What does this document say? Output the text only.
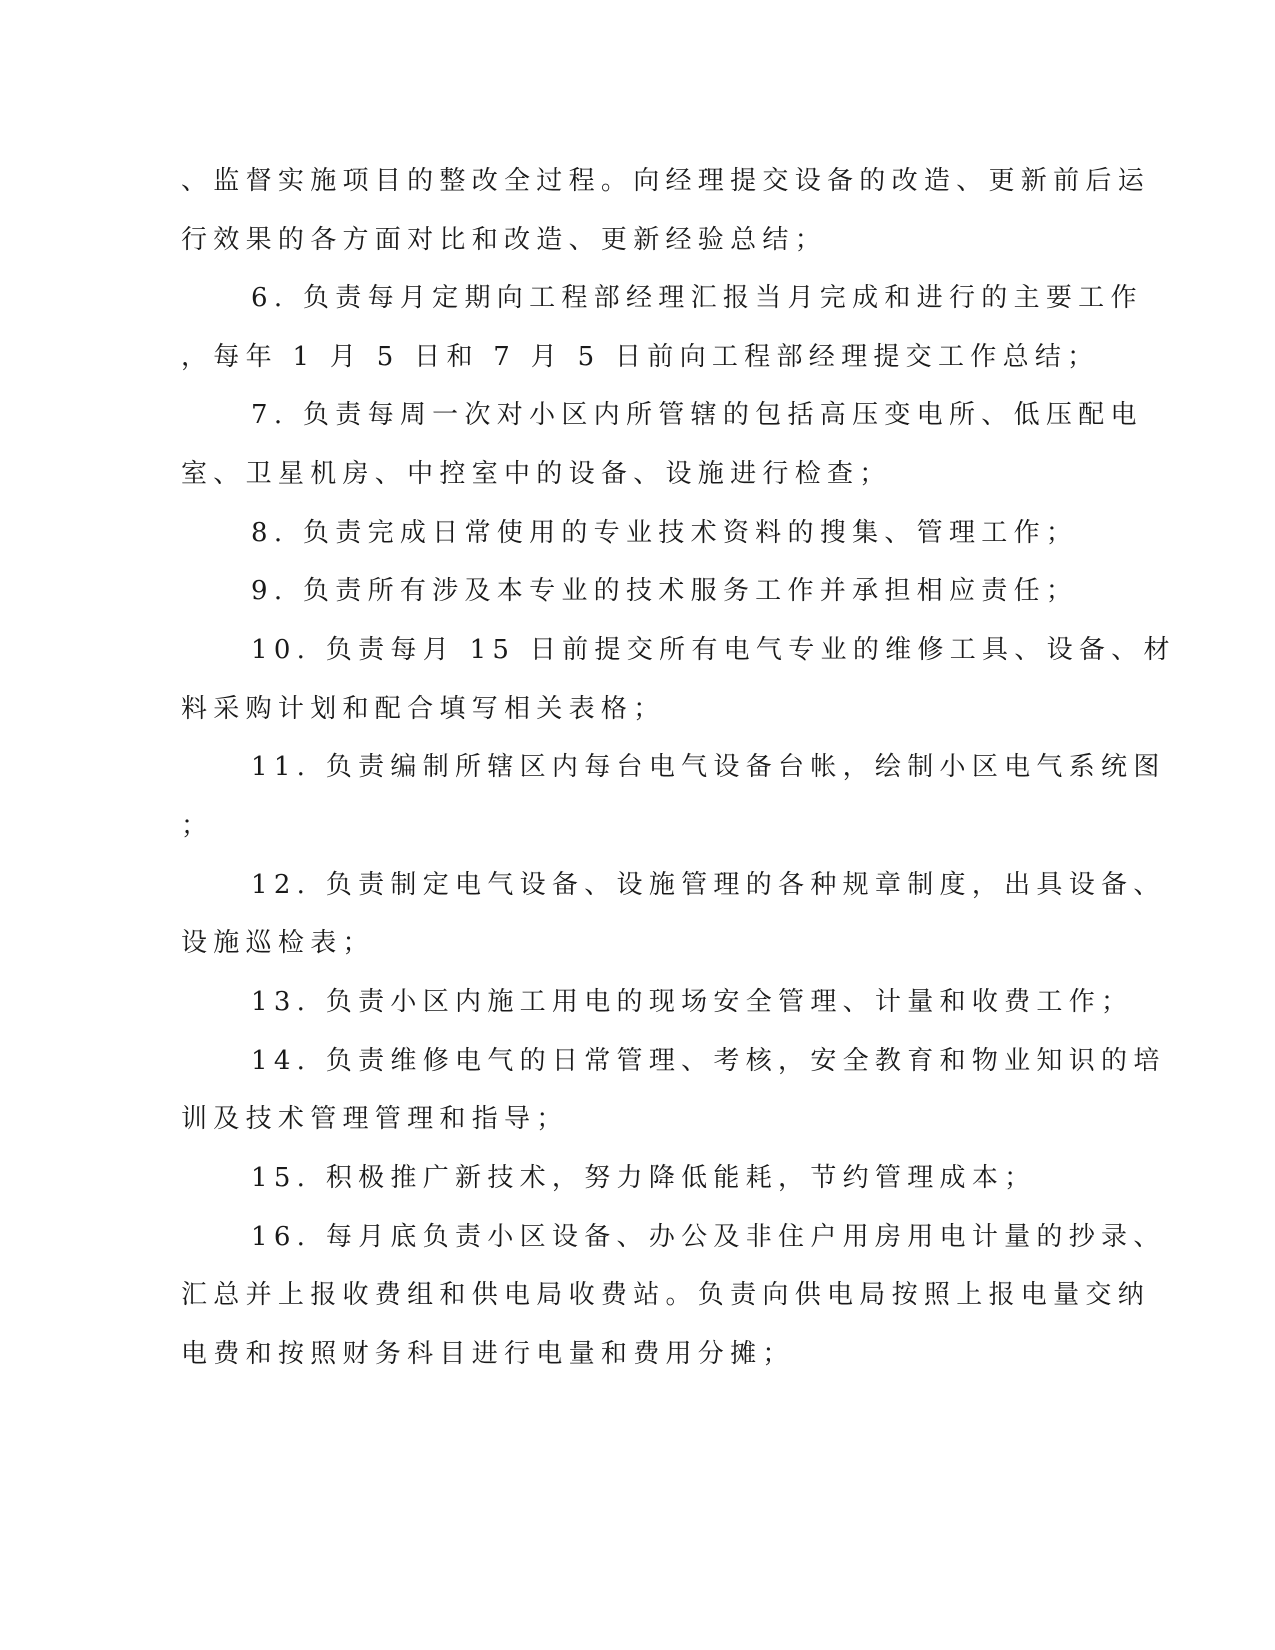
、监督实施项目的整改全过程。向经理提交设备的改造、更新前后运
行效果的各方面对比和改造、更新经验总结；
6. 负责每月定期向工程部经理汇报当月完成和进行的主要工作
，每年 1 月 5 日和 7 月 5 日前向工程部经理提交工作总结；
7. 负责每周一次对小区内所管辖的包括高压变电所、低压配电
室、卫星机房、中控室中的设备、设施进行检查；
8. 负责完成日常使用的专业技术资料的搜集、管理工作；
9. 负责所有涉及本专业的技术服务工作并承担相应责任；
10. 负责每月 15 日前提交所有电气专业的维修工具、设备、材
料采购计划和配合填写相关表格；
11. 负责编制所辖区内每台电气设备台帐，绘制小区电气系统图
；
12. 负责制定电气设备、设施管理的各种规章制度，出具设备、
设施巡检表；
13. 负责小区内施工用电的现场安全管理、计量和收费工作；
14. 负责维修电气的日常管理、考核，安全教育和物业知识的培
训及技术管理管理和指导；
15. 积极推广新技术，努力降低能耗，节约管理成本；
16. 每月底负责小区设备、办公及非住户用房用电计量的抄录、
汇总并上报收费组和供电局收费站。负责向供电局按照上报电量交纳
电费和按照财务科目进行电量和费用分摊；
